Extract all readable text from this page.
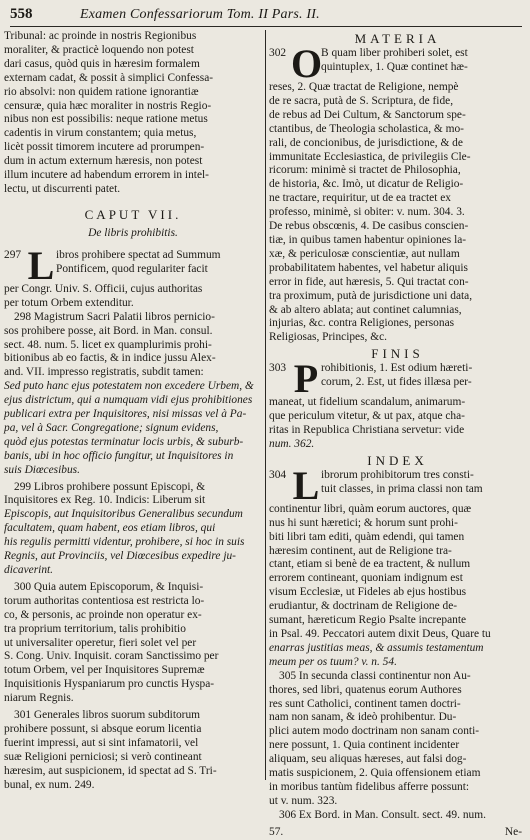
558	Examen Confessariorum Tom. II Pars. II.
Tribunal: ac proinde in nostris Regionibus
moraliter, & practicè loquendo non potest
dari casus, quòd quis in hæresim formalem
externam cadat, & possit à simplici Confessa-
rio absolvi: non quidem ratione ignorantiæ
censuræ, quia hæc moraliter in nostris Regio-
nibus non est possibilis: neque ratione metus
cadentis in virum constantem; quia metus,
licèt possit timorem incutere ad prorumpen-
dum in actum externum hæresis, non potest
illum incutere ad habendum errorem in intel-
lectu, ut discurrenti patet.
CAPUT VII.
De libris prohibitis.
297 L ibros prohibere spectat ad Summum
Pontificem, quod regulariter facit
per Congr. Univ. S. Officii, cujus authoritas
per totum Orbem extenditur.
298 Magistrum Sacri Palatii libros pernicio-
sos prohibere posse, ait Bord. in Man. consul.
sect. 48. num. 5. licet ex quamplurimis prohi-
bitionibus ab eo factis, & in indice jussu Alex-
and. VII. impresso registratis, subdit tamen:
Sed puto hanc ejus potestatem non excedere Urbem, &
ejus districtum, qui a numquam vidi ejus prohibitiones
publicari extra per Inquisitores, nisi missas vel à Pa-
pa, vel à Sacr. Congregatione; signum evidens,
quòd ejus potestas terminatur locis urbis, & suburb-
banis, ubi in hoc officio fungitur, ut Inquisitores in
suis Diœcesibus.
299 Libros prohibere possunt Episcopi, &
Inquisitores ex Reg. 10. Indicis: Liberum sit
Episcopis, aut Inquisitoribus Generalibus secundum
facultatem, quam habent, eos etiam libros, qui
his regulis permitti videntur, prohibere, si hoc in suis
Regnis, aut Provinciis, vel Diœcesibus expedire ju-
dicaverint.
300 Quia autem Episcoporum, & Inquisi-
torum authoritas contentiosa est restricta lo-
co, & personis, ac proinde non operatur ex-
tra proprium territorium, talis prohibitio
ut universaliter operetur, fieri solet vel per
S. Cong. Univ. Inquisit. coram Sanctissimo per
totum Orbem, vel per Inquisitores Supremæ
Inquisitionis Hyspaniarum pro cunctis Hyspa-
niarum Regnis.
301 Generales libros suorum subditorum
prohibere possunt, si absque eorum licentia
fuerint impressi, aut si sint infamatorii, vel
suæ Religioni perniciosi; si verò contineant
hæresim, aut suspicionem, id spectat ad S. Tri-
bunal, ex num. 249.
MATERIA
302 O
B quam liber prohiberi solet, est
quintuplex, 1. Quæ continet hæ-
reses, 2. Quæ tractat de Religione, nempè
de re sacra, putà de S. Scriptura, de fide,
de rebus ad Dei Cultum, & Sanctorum spe-
ctantibus, de Theologia scholastica, & mo-
rali, de concionibus, de jurisdictione, & de
immunitate Ecclesiastica, de privilegiis Cle-
ricorum: minimè si tractet de Philosophia,
de historia, &c. Imò, ut dicatur de Religio-
ne tractare, requiritur, ut de ea tractet ex
professo, minimè, si obiter: v. num. 304. 3.
De rebus obscœnis, 4. De casibus conscien-
tiæ, in quibus tamen habentur opiniones la-
xæ, & periculosæ conscientiæ, aut nullam
probabilitatem habentes, vel habetur aliquis
error in fide, aut hæresis, 5. Qui tractat con-
tra proximum, putà de jurisdictione uni data,
& ab altero ablata; aut continet calumnias,
injurias, &c. contra Religiones, personas
Religiosas, Principes, &c.
FINIS
303 P rohibitionis, 1. Est odium hæreti-
corum, 2. Est, ut fides illæsa per-
maneat, ut fidelium scandalum, animarum-
que periculum vitetur, & ut pax, atque cha-
ritas in Republica Christiana servetur: vide
num. 362.
INDEX
304 L ibrorum prohibitorum tres consti-
tuit classes, in prima classi non tam
continentur libri, quàm eorum auctores, quæ
nus hi sunt hæretici; & horum sunt prohi-
biti libri tam editi, quàm edendi, qui tamen
hæresim continent, aut de Religione tra-
ctant, etiam si benè de ea tractent, & nullum
errorem contineant, quoniam indignum est
visum Ecclesiæ, ut Fideles ab ejus hostibus
erudiantur, & doctrinam de Religione de-
sumant, hæreticum Regio Psalte increpante
in Psal. 49. Peccatori autem dixit Deus, Quare tu
enarras justitias meas, & assumis testamentum
meum per os tuum? v. n. 54.
305 In secunda classi continentur non Au-
thores, sed libri, quatenus eorum Authores
res sunt Catholici, continent tamen doctri-
nam non sanam, & ideò prohibentur. Du-
plici autem modo doctrinam non sanam conti-
nere possunt, 1. Quia continent incidenter
aliquam, seu aliquas hæreses, aut falsi dog-
matis suspicionem, 2. Quia offensionem etiam
in moribus tantùm fidelibus afferre possunt:
ut v. num. 323.
306 Ex Bord. in Man. Consult. sect. 49. num.
57.	Ne-
